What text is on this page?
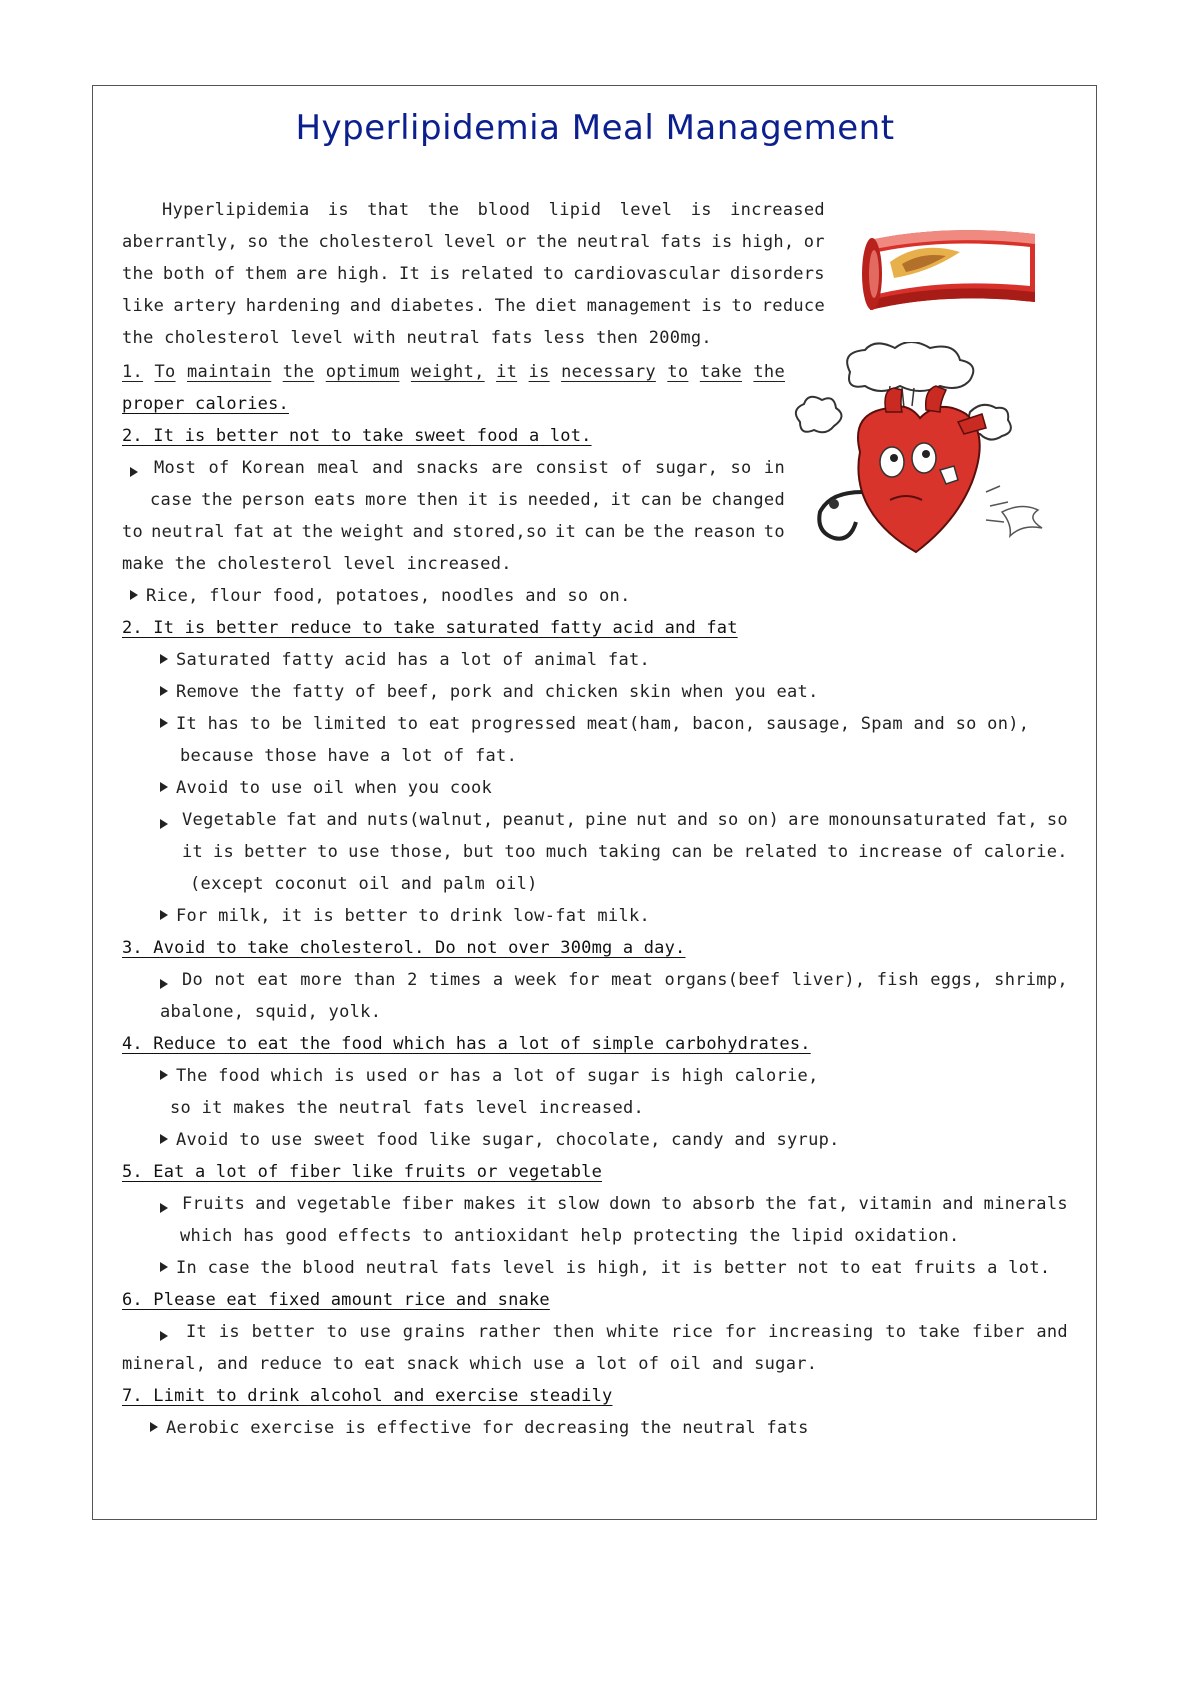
Hyperlipidemia Meal Management
Hyperlipidemia is that the blood lipid level is increased
aberrantly, so the cholesterol level or the neutral fats is high, or
the both of them are high. It is related to cardiovascular disorders
like artery hardening and diabetes. The diet management is to reduce
the cholesterol level with neutral fats less then 200mg.
1. To maintain the optimum weight, it is necessary to take the
proper calories.
2. It is better not to take sweet food a lot.
Most of Korean meal and snacks are consist of sugar, so in
case the person eats more then it is needed, it can be changed
to neutral fat at the weight and stored,so it can be the reason to
make the cholesterol level increased.
Rice, flour food, potatoes, noodles and so on.
2. It is better reduce to take saturated fatty acid and fat
Saturated fatty acid has a lot of animal fat.
Remove the fatty of beef, pork and chicken skin when you eat.
It has to be limited to eat progressed meat(ham, bacon, sausage, Spam and so on),
because those have a lot of fat.
Avoid to use oil when you cook
Vegetable fat and nuts(walnut, peanut, pine nut and so on) are monounsaturated fat, so
it is better to use those, but too much taking can be related to increase of calorie.
(except coconut oil and palm oil)
For milk, it is better to drink low-fat milk.
3. Avoid to take cholesterol. Do not over 300mg a day.
Do not eat more than 2 times a week for meat organs(beef liver), fish eggs, shrimp,
abalone, squid, yolk.
4. Reduce to eat the food which has a lot of simple carbohydrates.
The food which is used or has a lot of sugar is high calorie,
so it makes the neutral fats level increased.
Avoid to use sweet food like sugar, chocolate, candy and syrup.
5. Eat a lot of fiber like fruits or vegetable
Fruits and vegetable fiber makes it slow down to absorb the fat, vitamin and minerals
which has good effects to antioxidant help protecting the lipid oxidation.
In case the blood neutral fats level is high, it is better not to eat fruits a lot.
6. Please eat fixed amount rice and snake
It is better to use grains rather then white rice for increasing to take fiber and
mineral, and reduce to eat snack which use a lot of oil and sugar.
7. Limit to drink alcohol and exercise steadily
Aerobic exercise is effective for decreasing the neutral fats
